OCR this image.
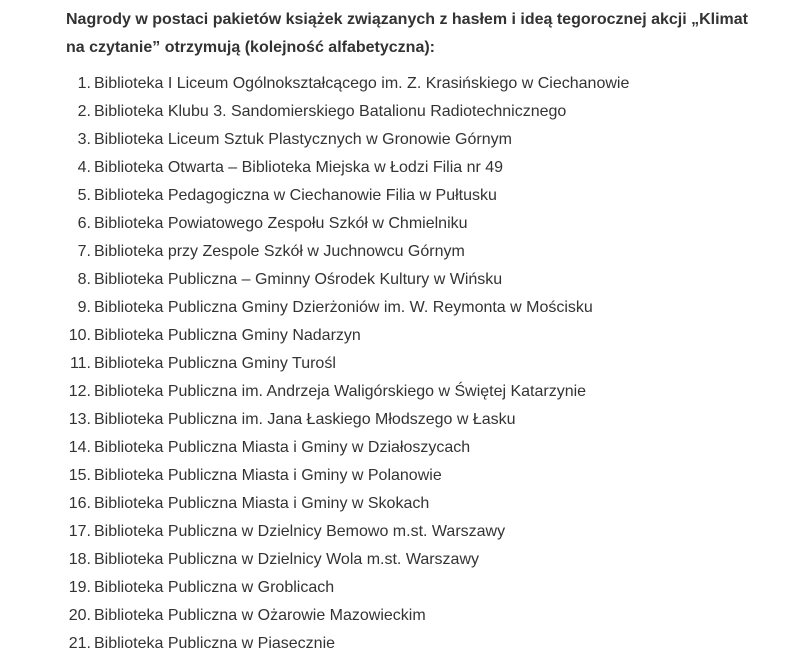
Nagrody w postaci pakietów książek związanych z hasłem i ideą tegorocznej akcji „Klimat na czytanie” otrzymują (kolejność alfabetyczna):

1. Biblioteka I Liceum Ogólnokształcącego im. Z. Krasińskiego w Ciechanowie
2. Biblioteka Klubu 3. Sandomierskiego Batalionu Radiotechnicznego
3. Biblioteka Liceum Sztuk Plastycznych w Gronowie Górnym
4. Biblioteka Otwarta – Biblioteka Miejska w Łodzi Filia nr 49
5. Biblioteka Pedagogiczna w Ciechanowie Filia w Pułtusku
6. Biblioteka Powiatowego Zespołu Szkół w Chmielniku
7. Biblioteka przy Zespole Szkół w Juchnowcu Górnym
8. Biblioteka Publiczna – Gminny Ośrodek Kultury w Wińsku
9. Biblioteka Publiczna Gminy Dzierżoniów im. W. Reymonta w Mościsku
10. Biblioteka Publiczna Gminy Nadarzyn
11. Biblioteka Publiczna Gminy Turośl
12. Biblioteka Publiczna im. Andrzeja Waligórskiego w Świętej Katarzynie
13. Biblioteka Publiczna im. Jana Łaskiego Młodszego w Łasku
14. Biblioteka Publiczna Miasta i Gminy w Działoszycach
15. Biblioteka Publiczna Miasta i Gminy w Polanowie
16. Biblioteka Publiczna Miasta i Gminy w Skokach
17. Biblioteka Publiczna w Dzielnicy Bemowo m.st. Warszawy
18. Biblioteka Publiczna w Dzielnicy Wola m.st. Warszawy
19. Biblioteka Publiczna w Groblicach
20. Biblioteka Publiczna w Ożarowie Mazowieckim
21. Biblioteka Publiczna w Piasecznie
